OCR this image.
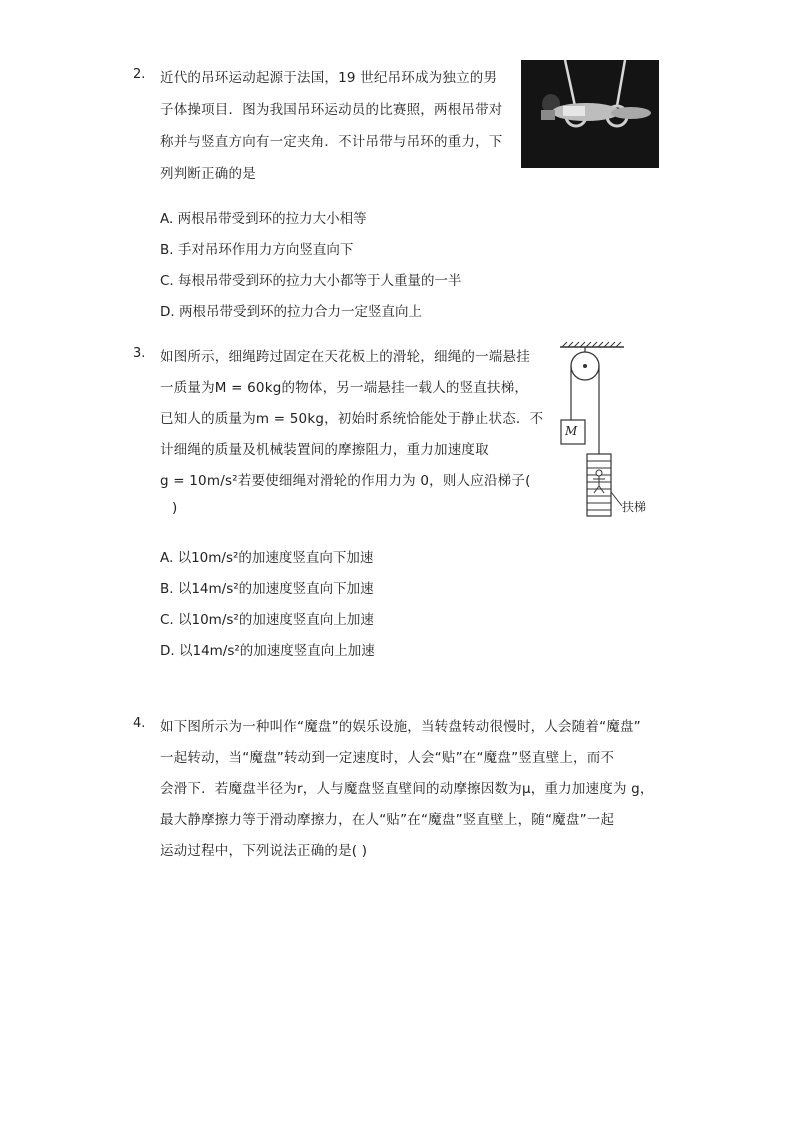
2. 近代的吊环运动起源于法国，19 世纪吊环成为独立的男
子体操项目．图为我国吊环运动员的比赛照，两根吊带对
称并与竖直方向有一定夹角．不计吊带与吊环的重力，下
列判断正确的是
A. 两根吊带受到环的拉力大小相等
B. 手对吊环作用力方向竖直向下
C. 每根吊带受到环的拉力大小都等于人重量的一半
D. 两根吊带受到环的拉力合力一定竖直向上
3. 如图所示，细绳跨过固定在天花板上的滑轮，细绳的一端悬挂
一质量为M = 60kg的物体，另一端悬挂一载人的竖直扶梯，
已知人的质量为m = 50kg，初始时系统恰能处于静止状态．不
计细绳的质量及机械装置间的摩擦阻力，重力加速度取
g = 10m/s²若要使细绳对滑轮的作用力为 0，则人应沿梯子(
)
M
扶梯
A. 以10m/s²的加速度竖直向下加速
B. 以14m/s²的加速度竖直向下加速
C. 以10m/s²的加速度竖直向上加速
D. 以14m/s²的加速度竖直向上加速
4. 如下图所示为一种叫作“魔盘”的娱乐设施，当转盘转动很慢时，人会随着“魔盘”
一起转动，当“魔盘”转动到一定速度时，人会“贴”在“魔盘”竖直壁上，而不
会滑下．若魔盘半径为r，人与魔盘竖直壁间的动摩擦因数为μ，重力加速度为 g，
最大静摩擦力等于滑动摩擦力，在人“贴”在“魔盘”竖直壁上，随“魔盘”一起
运动过程中，下列说法正确的是( )
